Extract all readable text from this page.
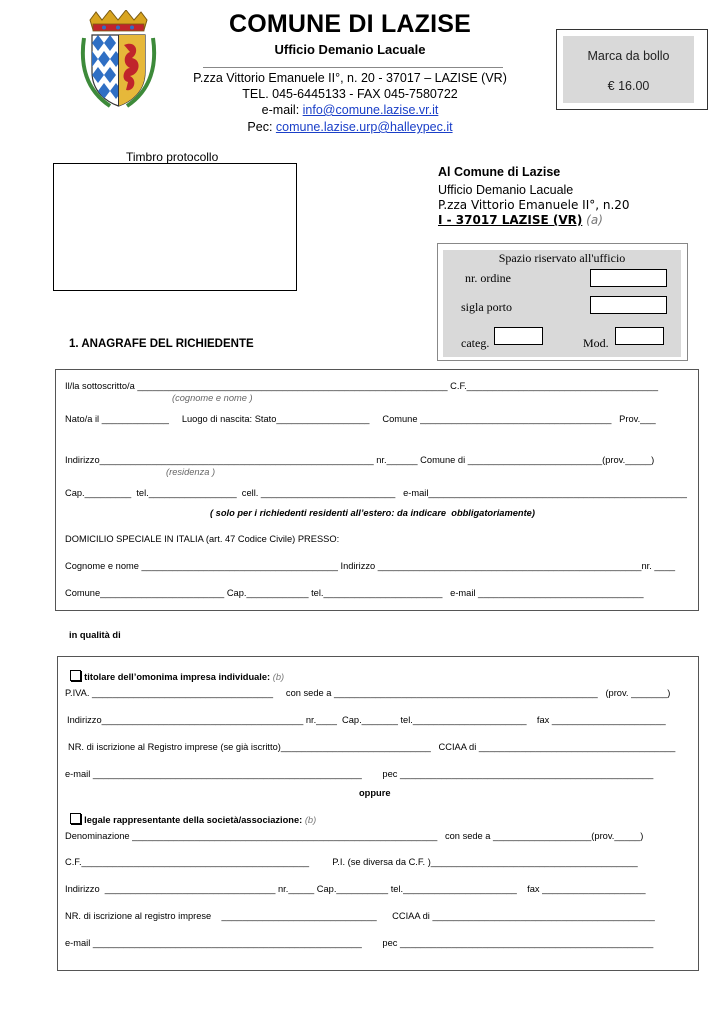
COMUNE DI LAZISE
Ufficio Demanio Lacuale
P.zza Vittorio Emanuele II°, n. 20 - 37017 – LAZISE (VR)
TEL. 045-6445133 - FAX 045-7580722
e-mail: info@comune.lazise.vr.it
Pec: comune.lazise.urp@halleypec.it
Marca da bollo
€ 16.00
Timbro protocollo
Al Comune di Lazise
Ufficio Demanio Lacuale
P.zza Vittorio Emanuele II°, n.20
I - 37017 LAZISE (VR) (a)
Spazio riservato all'ufficio
nr. ordine
sigla porto
categ.	Mod.
1. ANAGRAFE DEL RICHIEDENTE
Il/la sottoscritto/a ____________________________________________________________ C.F._____________________________________
(cognome e nome )
Nato/a il _____________     Luogo di nascita: Stato__________________     Comune _____________________________________   Prov.___
Indirizzo_____________________________________________________ nr.______ Comune di __________________________(prov._____)
(residenza )
Cap._________  tel._________________  cell. __________________________   e-mail__________________________________________________
( solo per i richiedenti residenti all’estero: da indicare  obbligatoriamente)
DOMICILIO SPECIALE IN ITALIA (art. 47 Codice Civile) PRESSO:
Cognome e nome ______________________________________ Indirizzo ___________________________________________________nr. ____
Comune________________________ Cap.____________ tel._______________________   e-mail ________________________________
in qualità di

titolare dell’omonima impresa individuale: (b)

P.IVA. ___________________________________     con sede a ___________________________________________________   (prov. _______)
Indirizzo_______________________________________ nr.____  Cap._______ tel.______________________    fax ______________________
NR. di iscrizione al Registro imprese (se già iscritto)_____________________________   CCIAA di ______________________________________
e-mail ____________________________________________________        pec _________________________________________________
oppure

legale rappresentante della società/associazione: (b)

Denominazione ___________________________________________________________   con sede a ___________________(prov._____)
C.F.____________________________________________         P.I. (se diversa da C.F. )________________________________________
Indirizzo  _________________________________ nr._____ Cap.__________ tel.______________________    fax ____________________
NR. di iscrizione al registro imprese    ______________________________      CCIAA di ___________________________________________
e-mail ____________________________________________________        pec _________________________________________________
